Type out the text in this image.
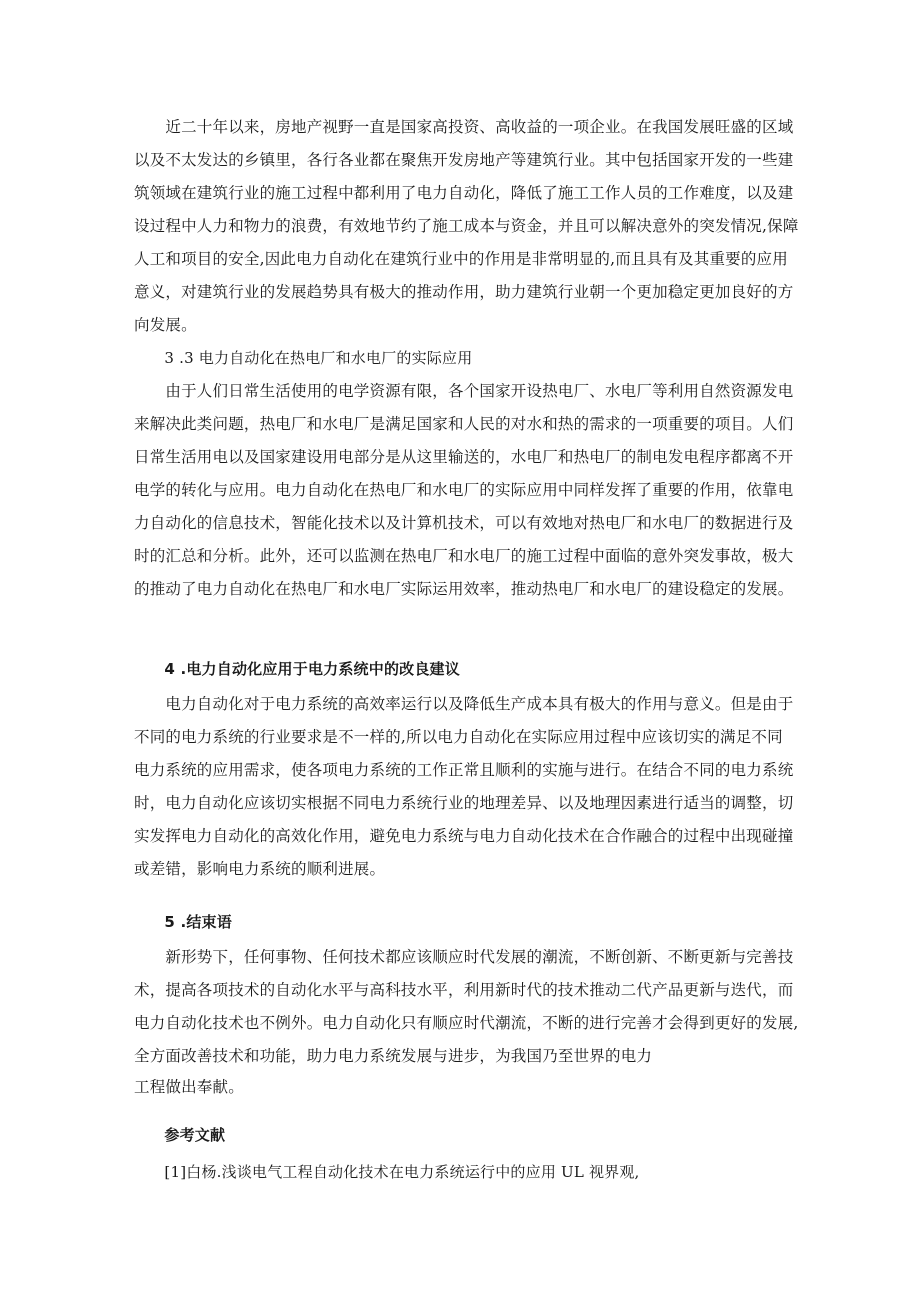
　　近二十年以来，房地产视野一直是国家高投资、高收益的一项企业。在我国发展旺盛的区域
以及不太发达的乡镇里，各行各业都在聚焦开发房地产等建筑行业。其中包括国家开发的一些建
筑领域在建筑行业的施工过程中都利用了电力自动化，降低了施工工作人员的工作难度，以及建
设过程中人力和物力的浪费，有效地节约了施工成本与资金，并且可以解决意外的突发情况,保障
人工和项目的安全,因此电力自动化在建筑行业中的作用是非常明显的,而且具有及其重要的应用
意义，对建筑行业的发展趋势具有极大的推动作用，助力建筑行业朝一个更加稳定更加良好的方
向发展。
　　3 .3 电力自动化在热电厂和水电厂的实际应用
　　由于人们日常生活使用的电学资源有限，各个国家开设热电厂、水电厂等利用自然资源发电
来解决此类问题，热电厂和水电厂是满足国家和人民的对水和热的需求的一项重要的项目。人们
日常生活用电以及国家建设用电部分是从这里输送的，水电厂和热电厂的制电发电程序都离不开
电学的转化与应用。电力自动化在热电厂和水电厂的实际应用中同样发挥了重要的作用，依靠电
力自动化的信息技术，智能化技术以及计算机技术，可以有效地对热电厂和水电厂的数据进行及
时的汇总和分析。此外，还可以监测在热电厂和水电厂的施工过程中面临的意外突发事故，极大
的推动了电力自动化在热电厂和水电厂实际运用效率，推动热电厂和水电厂的建设稳定的发展。
　　4 .电力自动化应用于电力系统中的改良建议
　　电力自动化对于电力系统的高效率运行以及降低生产成本具有极大的作用与意义。但是由于
不同的电力系统的行业要求是不一样的,所以电力自动化在实际应用过程中应该切实的满足不同
电力系统的应用需求，使各项电力系统的工作正常且顺利的实施与进行。在结合不同的电力系统
时，电力自动化应该切实根据不同电力系统行业的地理差异、以及地理因素进行适当的调整，切
实发挥电力自动化的高效化作用，避免电力系统与电力自动化技术在合作融合的过程中出现碰撞
或差错，影响电力系统的顺利进展。
　　5 .结束语
　　新形势下，任何事物、任何技术都应该顺应时代发展的潮流，不断创新、不断更新与完善技
术，提高各项技术的自动化水平与高科技水平，利用新时代的技术推动二代产品更新与迭代，而
电力自动化技术也不例外。电力自动化只有顺应时代潮流，不断的进行完善才会得到更好的发展,
全方面改善技术和功能，助力电力系统发展与进步，为我国乃至世界的电力
工程做出奉献。
　　参考文献
　　[1]白杨.浅谈电气工程自动化技术在电力系统运行中的应用 UL 视界观,
